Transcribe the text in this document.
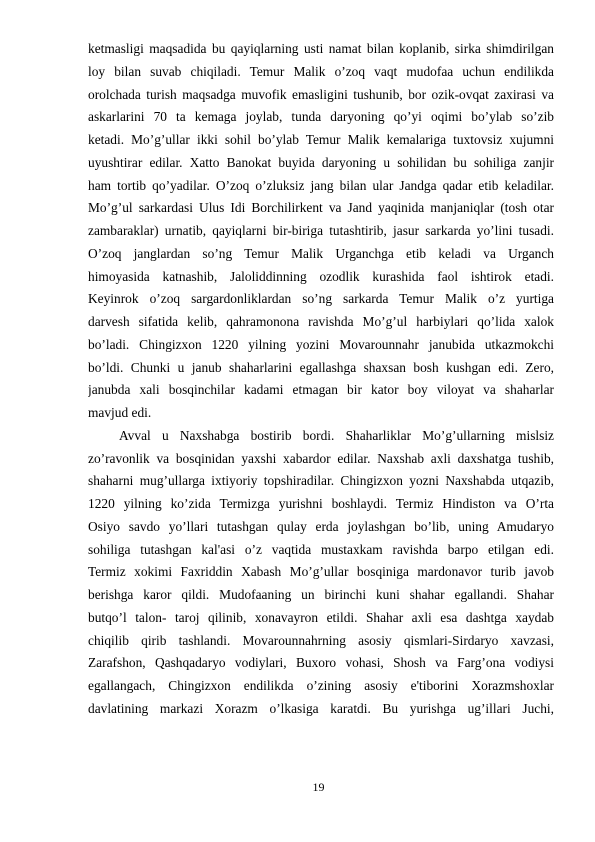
ketmasligi maqsadida bu qayiqlarning usti namat bilan koplanib, sirka shimdirilgan
loy bilan suvab chiqiladi. Temur Malik o’zoq vaqt mudofaa uchun endilikda
orolchada turish maqsadga muvofik emasligini tushunib, bor ozik-ovqat zaxirasi va
askarlarini 70 ta kemaga joylab, tunda daryoning qo’yi oqimi bo’ylab so’zib
ketadi. Mo’g’ullar ikki sohil bo’ylab Temur Malik kemalariga tuxtovsiz xujumni
uyushtirar edilar. Xatto Banokat buyida daryoning u sohilidan bu sohiliga zanjir
ham tortib qo’yadilar. O’zoq o’zluksiz jang bilan ular Jandga qadar etib keladilar.
Mo’g’ul sarkardasi Ulus Idi Borchilirkent va Jand yaqinida manjaniqlar (tosh otar
zambaraklar) urnatib, qayiqlarni bir-biriga tutashtirib, jasur sarkarda yo’lini tusadi.
O’zoq janglardan so’ng Temur Malik Urganchga etib keladi va Urganch
himoyasida katnashib, Jaloliddinning ozodlik kurashida faol ishtirok etadi.
Keyinrok o’zoq sargardonliklardan so’ng sarkarda Temur Malik o’z yurtiga
darvesh sifatida kelib, qahramonona ravishda Mo’g’ul harbiylari qo’lida xalok
bo’ladi. Chingizxon 1220 yilning yozini Movarounnahr janubida utkazmokchi
bo’ldi. Chunki u janub shaharlarini egallashga shaxsan bosh kushgan edi. Zero,
janubda xali bosqinchilar kadami etmagan bir kator boy viloyat va shaharlar
mavjud edi.
Avval u Naxshabga bostirib bordi. Shaharliklar Mo’g’ullarning mislsiz
zo’ravonlik va bosqinidan yaxshi xabardor edilar. Naxshab axli daxshatga tushib,
shaharni mug’ullarga ixtiyoriy topshiradilar. Chingizxon yozni Naxshabda utqazib,
1220 yilning ko’zida Termizga yurishni boshlaydi. Termiz Hindiston va O’rta
Osiyo savdo yo’llari tutashgan qulay erda joylashgan bo’lib, uning Amudaryo
sohiliga tutashgan kal'asi o’z vaqtida mustaxkam ravishda barpo etilgan edi.
Termiz xokimi Faxriddin Xabash Mo’g’ullar bosqiniga mardonavor turib javob
berishga karor qildi. Mudofaaning un birinchi kuni shahar egallandi. Shahar
butqo’l talon- taroj qilinib, xonavayron etildi. Shahar axli esa dashtga xaydab
chiqilib qirib tashlandi. Movarounnahrning asosiy qismlari-Sirdaryo xavzasi,
Zarafshon, Qashqadaryo vodiylari, Buxoro vohasi, Shosh va Farg’ona vodiysi
egallangach, Chingizxon endilikda o’zining asosiy e'tiborini Xorazmshoxlar
davlatining markazi Xorazm o’lkasiga karatdi. Bu yurishga ug’illari Juchi,
19
